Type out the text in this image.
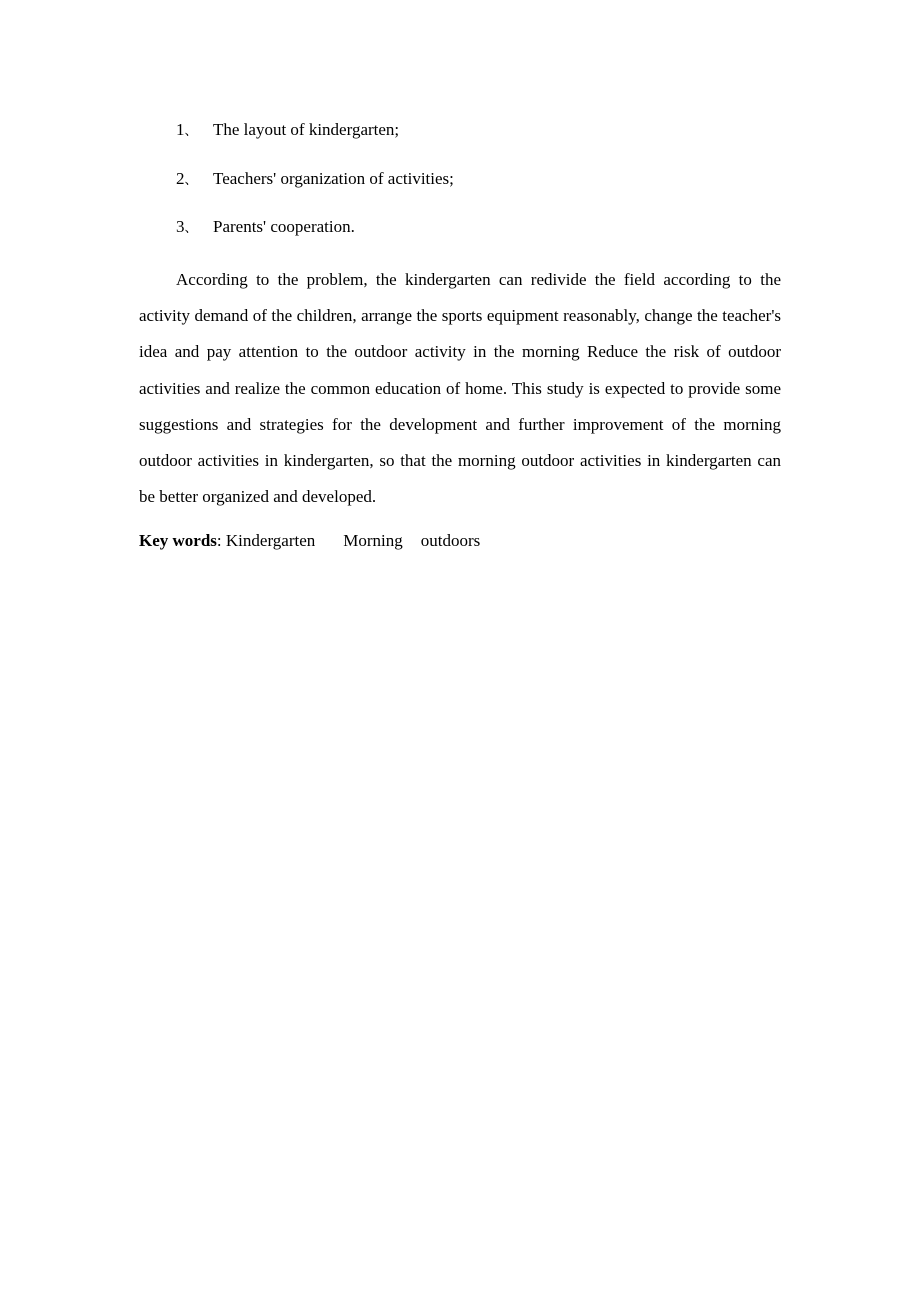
1、 The layout of kindergarten;
2、 Teachers' organization of activities;
3、 Parents' cooperation.

According to the problem, the kindergarten can redivide the field according to the activity demand of the children, arrange the sports equipment reasonably, change the teacher's idea and pay attention to the outdoor activity in the morning Reduce the risk of outdoor activities and realize the common education of home. This study is expected to provide some suggestions and strategies for the development and further improvement of the morning outdoor activities in kindergarten, so that the morning outdoor activities in kindergarten can be better organized and developed.

Key words: Kindergarten Morning outdoors
